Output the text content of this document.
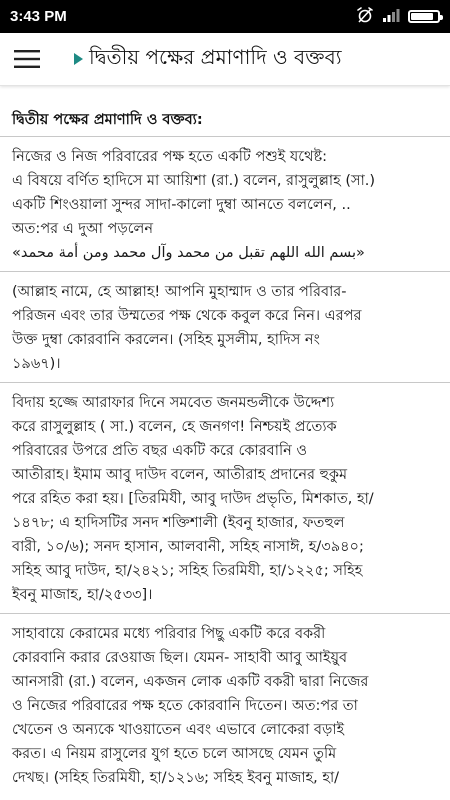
3:43 PM
দ্বিতীয় পক্ষের প্রমাণাদি ও বক্তব্য
দ্বিতীয় পক্ষের প্রমাণাদি ও বক্তব্য:
নিজের ও নিজ পরিবারের পক্ষ হতে একটি পশুই যথেষ্ট:
এ বিষয়ে বর্ণিত হাদিসে মা আয়িশা (রা.) বলেন, রাসুলুল্লাহ (সা.)
একটি শিংওয়ালা সুন্দর সাদা-কালো দুম্বা আনতে বললেন, ..
অত:পর এ দুআ পড়লেন
«بسم الله اللهم تقبل من محمد وآل محمد ومن أمة محمد»
(আল্লাহ নামে, হে আল্লাহ! আপনি মুহাম্মাদ ও তার পরিবার-
পরিজন এবং তার উম্মতের পক্ষ থেকে কবুল করে নিন। এরপর
উক্ত দুম্বা কোরবানি করলেন। (সহিহ মুসলীম, হাদিস নং
১৯৬৭)।
বিদায় হজ্জে আরাফার দিনে সমবেত জনমন্ডলীকে উদ্দেশ্য
করে রাসুলুল্লাহ ( সা.) বলেন, হে জনগণ! নিশ্চয়ই প্রত্যেক
পরিবারের উপরে প্রতি বছর একটি করে কোরবানি ও
আতীরাহ। ইমাম আবু দাউদ বলেন, আতীরাহ প্রদানের হুকুম
পরে রহিত করা হয়। [তিরমিযী, আবু দাউদ প্রভৃতি, মিশকাত, হা/
১৪৭৮; এ হাদিসটির সনদ শক্তিশালী (ইবনু হাজার, ফতহুল
বারী, ১০/৬); সনদ হাসান, আলবানী, সহিহ নাসাঈ, হ/৩৯৪০;
সহিহ আবু দাউদ, হা/২৪২১; সহিহ তিরমিযী, হা/১২২৫; সহিহ
ইবনু মাজাহ, হা/২৫৩৩]।
সাহাবায়ে কেরামের মধ্যে পরিবার পিছু একটি করে বকরী
কোরবানি করার রেওয়াজ ছিল। যেমন- সাহাবী আবু আইয়ুব
আনসারী (রা.) বলেন, একজন লোক একটি বকরী দ্বারা নিজের
ও নিজের পরিবারের পক্ষ হতে কোরবানি দিতেন। অত:পর তা
খেতেন ও অন্যকে খাওয়াতেন এবং এভাবে লোকেরা বড়াই
করত। এ নিয়ম রাসুলের যুগ হতে চলে আসছে যেমন তুমি
দেখছ। (সহিহ তিরমিযী, হা/১২১৬; সহিহ ইবনু মাজাহ, হা/
